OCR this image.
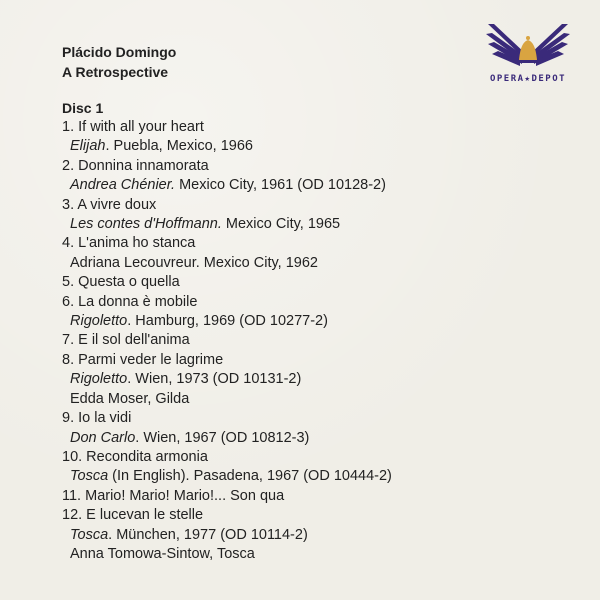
Plácido Domingo
A Retrospective	OPERA★DEPOT
Disc 1
1. If with all your heart
Elijah. Puebla, Mexico, 1966
2. Donnina innamorata
Andrea Chénier. Mexico City, 1961 (OD 10128-2)
3. A vivre doux
Les contes d'Hoffmann. Mexico City, 1965
4. L'anima ho stanca
Adriana Lecouvreur. Mexico City, 1962
5. Questa o quella
6. La donna è mobile
Rigoletto. Hamburg, 1969 (OD 10277-2)
7. E il sol dell'anima
8. Parmi veder le lagrime
Rigoletto. Wien, 1973 (OD 10131-2)
Edda Moser, Gilda
9. Io la vidi
Don Carlo. Wien, 1967 (OD 10812-3)
10. Recondita armonia
Tosca (In English). Pasadena, 1967 (OD 10444-2)
11. Mario! Mario! Mario!... Son qua
12. E lucevan le stelle
Tosca. München, 1977 (OD 10114-2)
Anna Tomowa-Sintow, Tosca
